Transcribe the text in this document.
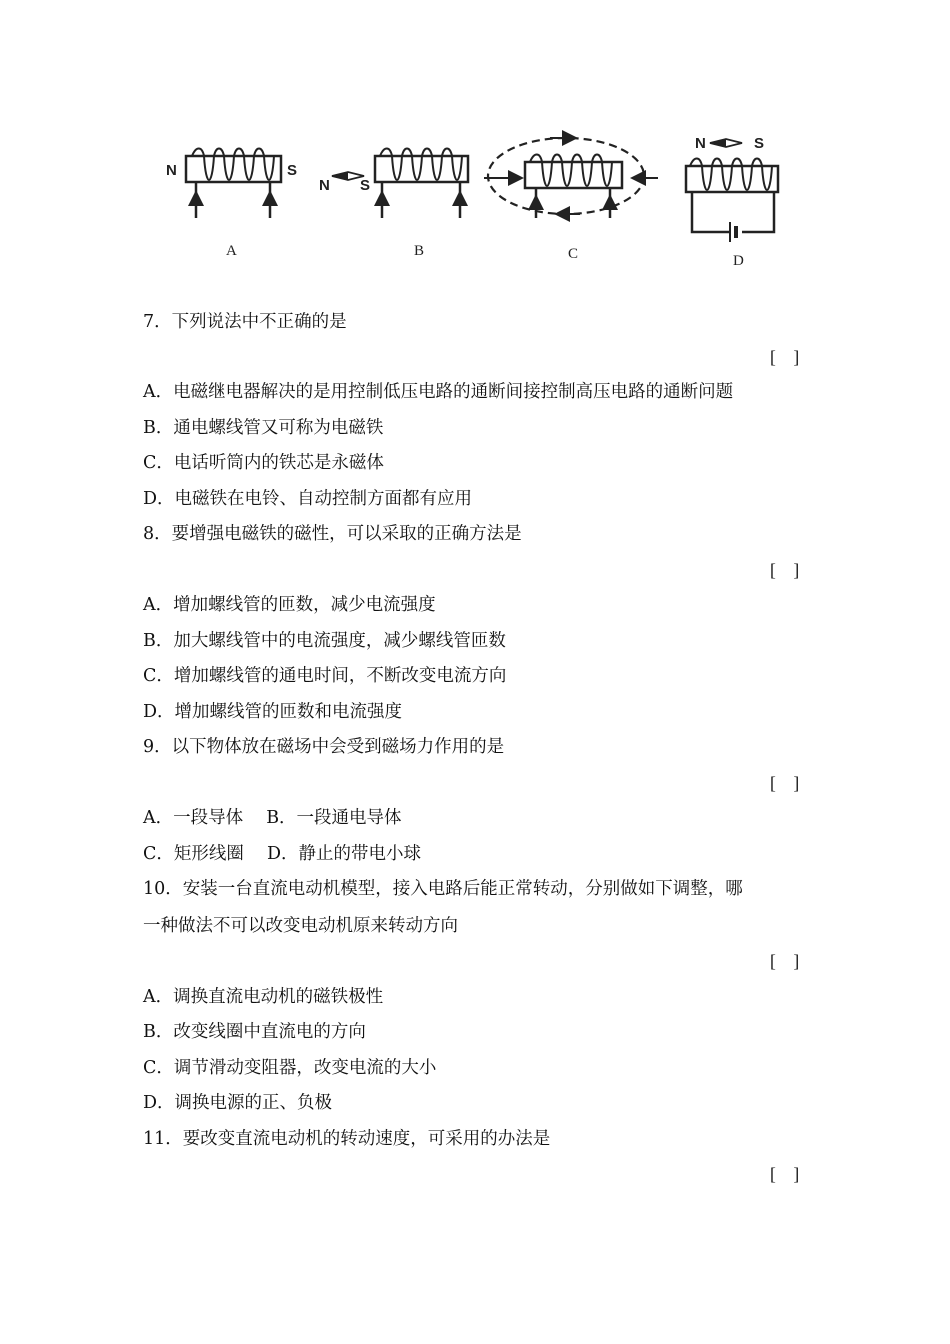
N	S
A
N S
B	C
N	S
D
7．下列说法中不正确的是
[    ]
A．电磁继电器解决的是用控制低压电路的通断间接控制高压电路的通断问题
B．通电螺线管又可称为电磁铁
C．电话听筒内的铁芯是永磁体
D．电磁铁在电铃、自动控制方面都有应用
8．要增强电磁铁的磁性，可以采取的正确方法是
[    ]
A．增加螺线管的匝数，减少电流强度
B．加大螺线管中的电流强度，减少螺线管匝数
C．增加螺线管的通电时间，不断改变电流方向
D．增加螺线管的匝数和电流强度
9．以下物体放在磁场中会受到磁场力作用的是
[    ]
A．一段导体　 B．一段通电导体
C．矩形线圈　 D．静止的带电小球
10．安装一台直流电动机模型，接入电路后能正常转动，分别做如下调整，哪
一种做法不可以改变电动机原来转动方向
[    ]
A．调换直流电动机的磁铁极性
B．改变线圈中直流电的方向
C．调节滑动变阻器，改变电流的大小
D．调换电源的正、负极
11．要改变直流电动机的转动速度，可采用的办法是
[    ]
